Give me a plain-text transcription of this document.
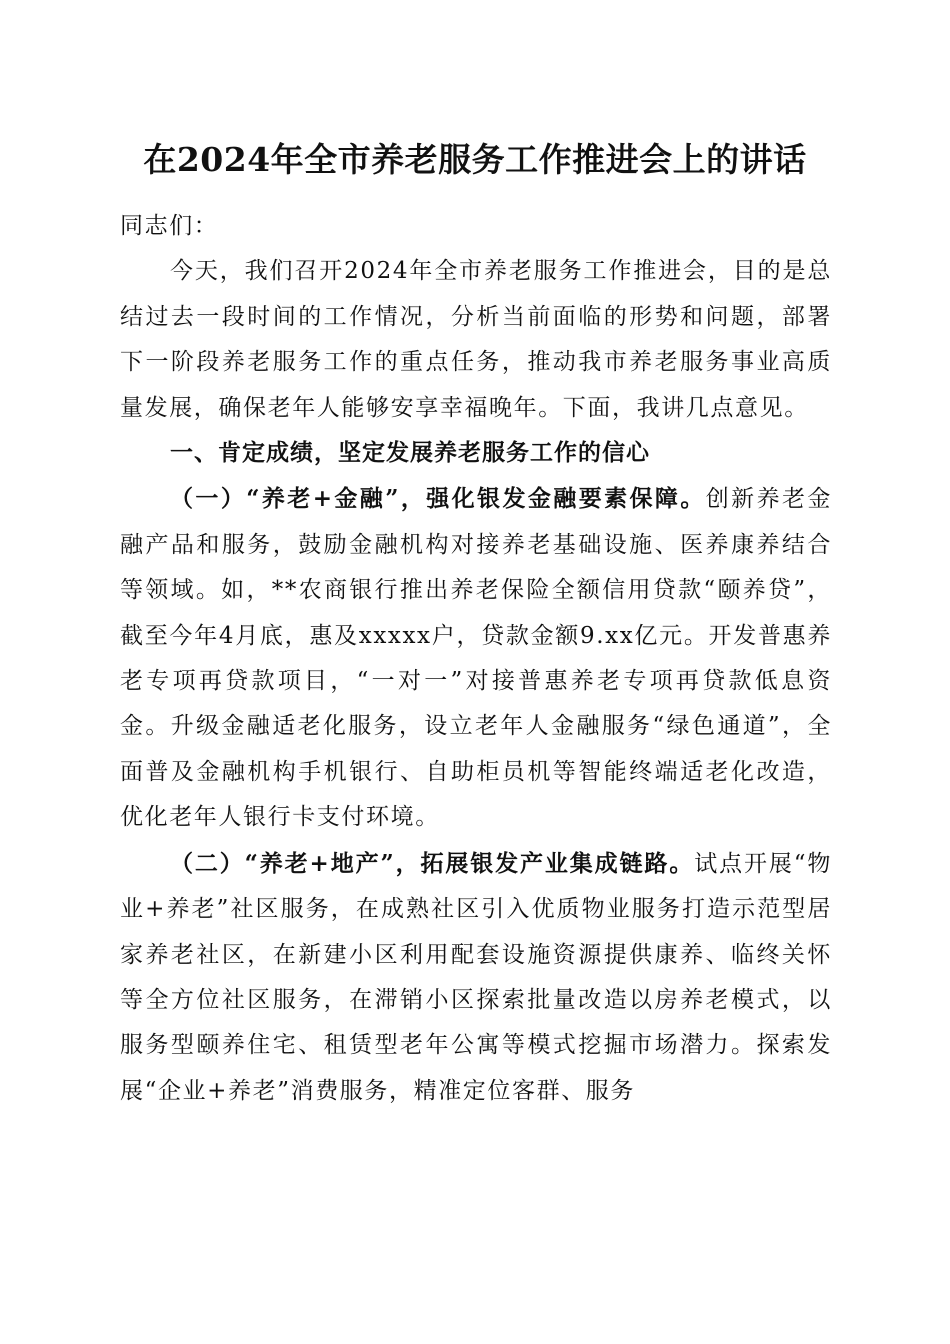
在2024年全市养老服务工作推进会上的讲话

同志们：

今天，我们召开2024年全市养老服务工作推进会，目的是总结过去一段时间的工作情况，分析当前面临的形势和问题，部署下一阶段养老服务工作的重点任务，推动我市养老服务事业高质量发展，确保老年人能够安享幸福晚年。下面，我讲几点意见。

一、肯定成绩，坚定发展养老服务工作的信心

（一）“养老+金融”，强化银发金融要素保障。创新养老金融产品和服务，鼓励金融机构对接养老基础设施、医养康养结合等领域。如，**农商银行推出养老保险全额信用贷款“颐养贷”，截至今年4月底，惠及xxxxx户，贷款金额9.xx亿元。开发普惠养老专项再贷款项目，“一对一”对接普惠养老专项再贷款低息资金。升级金融适老化服务，设立老年人金融服务“绿色通道”，全面普及金融机构手机银行、自助柜员机等智能终端适老化改造，优化老年人银行卡支付环境。

（二）“养老+地产”，拓展银发产业集成链路。试点开展“物业+养老”社区服务，在成熟社区引入优质物业服务打造示范型居家养老社区，在新建小区利用配套设施资源提供康养、临终关怀等全方位社区服务，在滞销小区探索批量改造以房养老模式，以服务型颐养住宅、租赁型老年公寓等模式挖掘市场潜力。探索发展“企业+养老”消费服务，精准定位客群、服务
